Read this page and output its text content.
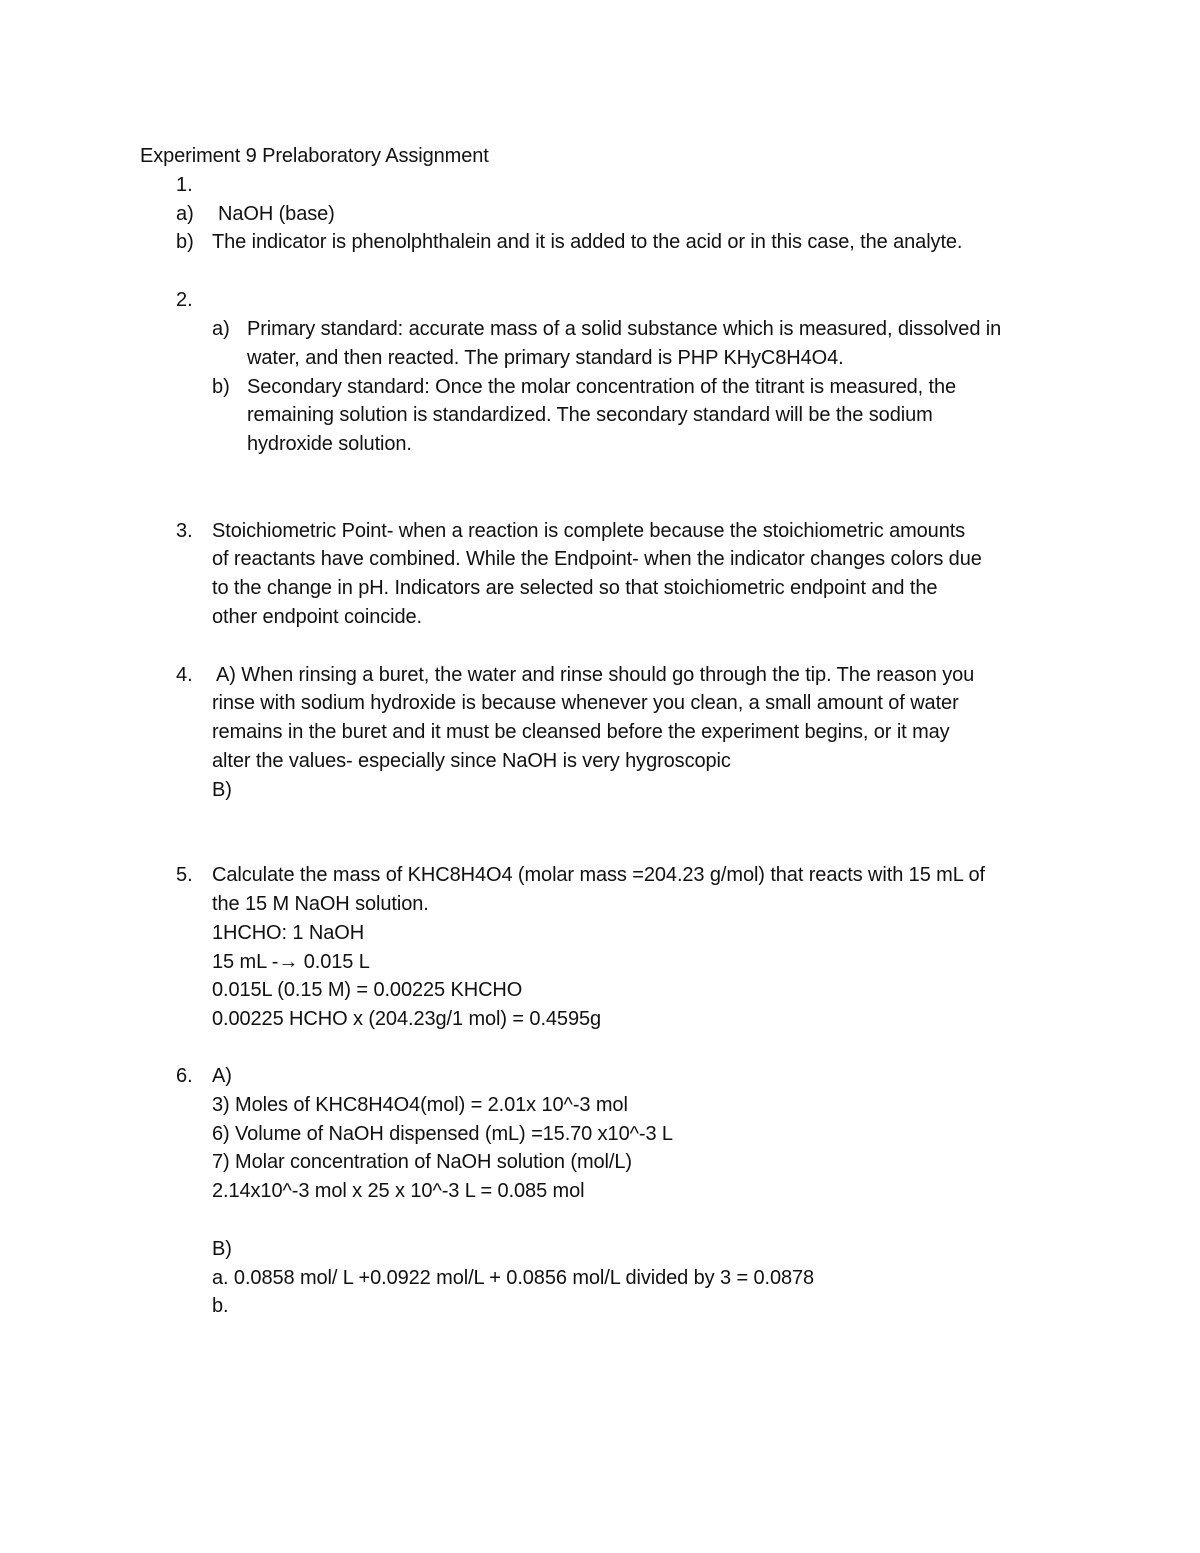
Experiment 9 Prelaboratory Assignment
1.
a) NaOH (base)
b) The indicator is phenolphthalein and it is added to the acid or in this case, the analyte.
2.
a) Primary standard: accurate mass of a solid substance which is measured, dissolved in
water, and then reacted. The primary standard is PHP KHyC8H4O4.
b) Secondary standard: Once the molar concentration of the titrant is measured, the
remaining solution is standardized. The secondary standard will be the sodium
hydroxide solution.
3. Stoichiometric Point- when a reaction is complete because the stoichiometric amounts
of reactants have combined. While the Endpoint- when the indicator changes colors due
to the change in pH. Indicators are selected so that stoichiometric endpoint and the
other endpoint coincide.
4. A) When rinsing a buret, the water and rinse should go through the tip. The reason you
rinse with sodium hydroxide is because whenever you clean, a small amount of water
remains in the buret and it must be cleansed before the experiment begins, or it may
alter the values- especially since NaOH is very hygroscopic
B)
5. Calculate the mass of KHC8H4O4 (molar mass =204.23 g/mol) that reacts with 15 mL of
the 15 M NaOH solution.
1HCHO: 1 NaOH
15 mL -→ 0.015 L
0.015L (0.15 M) = 0.00225 KHCHO
0.00225 HCHO x (204.23g/1 mol) = 0.4595g
6. A)
3) Moles of KHC8H4O4(mol) = 2.01x 10^-3 mol
6) Volume of NaOH dispensed (mL) =15.70 x10^-3 L
7) Molar concentration of NaOH solution (mol/L)
2.14x10^-3 mol x 25 x 10^-3 L = 0.085 mol
B)
a. 0.0858 mol/ L +0.0922 mol/L + 0.0856 mol/L divided by 3 = 0.0878
b.
